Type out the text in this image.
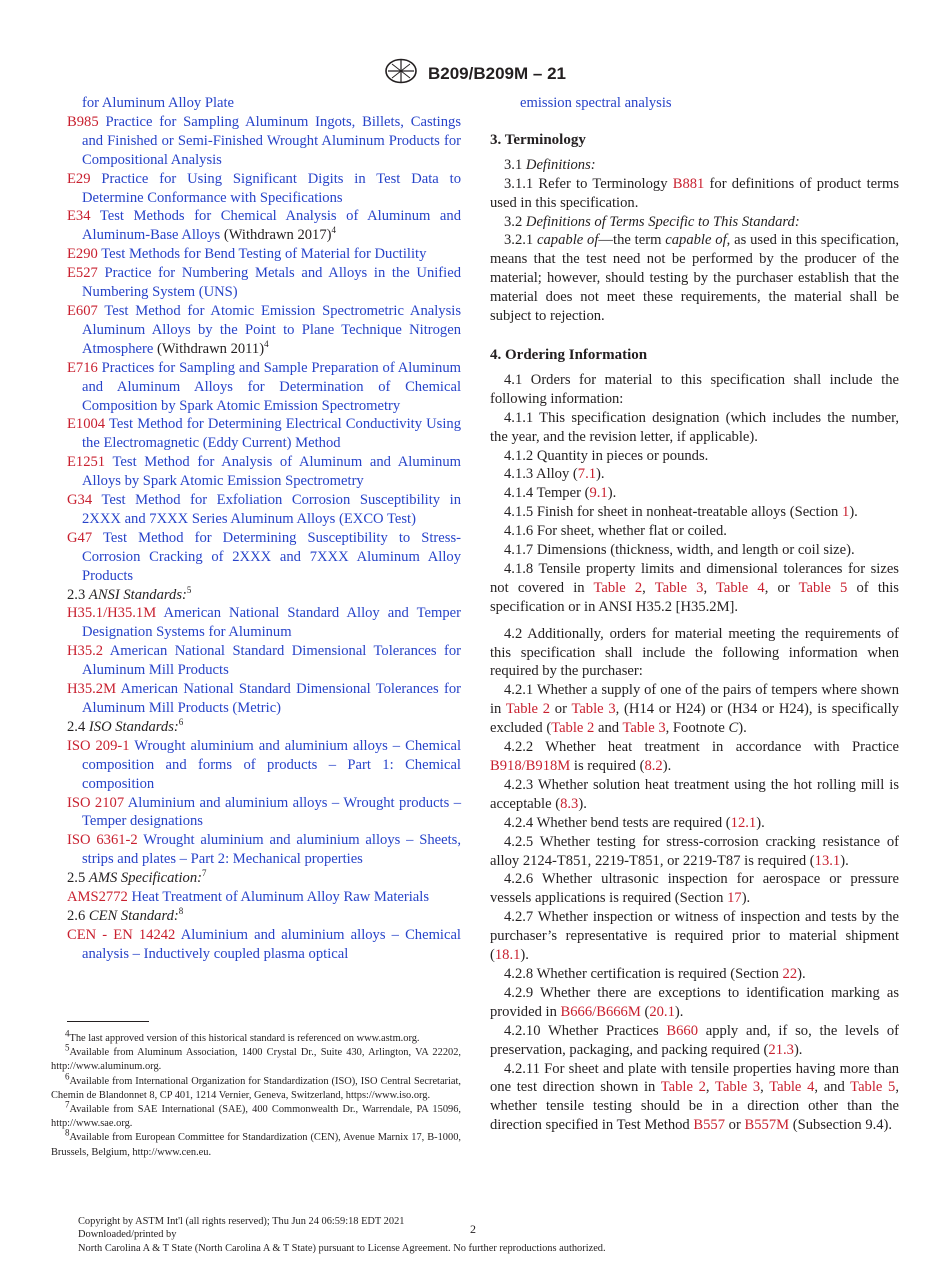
B209/B209M – 21
for Aluminum Alloy Plate
B985 Practice for Sampling Aluminum Ingots, Billets, Castings and Finished or Semi-Finished Wrought Aluminum Products for Compositional Analysis
E29 Practice for Using Significant Digits in Test Data to Determine Conformance with Specifications
E34 Test Methods for Chemical Analysis of Aluminum and Aluminum-Base Alloys (Withdrawn 2017)$^4$
E290 Test Methods for Bend Testing of Material for Ductility
E527 Practice for Numbering Metals and Alloys in the Unified Numbering System (UNS)
E607 Test Method for Atomic Emission Spectrometric Analysis Aluminum Alloys by the Point to Plane Technique Nitrogen Atmosphere (Withdrawn 2011)$^4$
E716 Practices for Sampling and Sample Preparation of Aluminum and Aluminum Alloys for Determination of Chemical Composition by Spark Atomic Emission Spectrometry
E1004 Test Method for Determining Electrical Conductivity Using the Electromagnetic (Eddy Current) Method
E1251 Test Method for Analysis of Aluminum and Aluminum Alloys by Spark Atomic Emission Spectrometry
G34 Test Method for Exfoliation Corrosion Susceptibility in 2XXX and 7XXX Series Aluminum Alloys (EXCO Test)
G47 Test Method for Determining Susceptibility to Stress-Corrosion Cracking of 2XXX and 7XXX Aluminum Alloy Products
2.3 ANSI Standards:$^5$
H35.1/H35.1M American National Standard Alloy and Temper Designation Systems for Aluminum
H35.2 American National Standard Dimensional Tolerances for Aluminum Mill Products
H35.2M American National Standard Dimensional Tolerances for Aluminum Mill Products (Metric)
2.4 ISO Standards:$^6$
ISO 209-1 Wrought aluminium and aluminium alloys – Chemical composition and forms of products – Part 1: Chemical composition
ISO 2107 Aluminium and aluminium alloys – Wrought products – Temper designations
ISO 6361-2 Wrought aluminium and aluminium alloys – Sheets, strips and plates – Part 2: Mechanical properties
2.5 AMS Specification:$^7$
AMS2772 Heat Treatment of Aluminum Alloy Raw Materials
2.6 CEN Standard:$^8$
CEN - EN 14242 Aluminium and aluminium alloys – Chemical analysis – Inductively coupled plasma optical
$^4$The last approved version of this historical standard is referenced on www.astm.org.
$^5$Available from Aluminum Association, 1400 Crystal Dr., Suite 430, Arlington, VA 22202, http://www.aluminum.org.
$^6$Available from International Organization for Standardization (ISO), ISO Central Secretariat, Chemin de Blandonnet 8, CP 401, 1214 Vernier, Geneva, Switzerland, https://www.iso.org.
$^7$Available from SAE International (SAE), 400 Commonwealth Dr., Warrendale, PA 15096, http://www.sae.org.
$^8$Available from European Committee for Standardization (CEN), Avenue Marnix 17, B-1000, Brussels, Belgium, http://www.cen.eu.
emission spectral analysis
3. Terminology
3.1 Definitions:
3.1.1 Refer to Terminology B881 for definitions of product terms used in this specification.
3.2 Definitions of Terms Specific to This Standard:
3.2.1 capable of—the term capable of, as used in this specification, means that the test need not be performed by the producer of the material; however, should testing by the purchaser establish that the material does not meet these requirements, the material shall be subject to rejection.
4. Ordering Information
4.1 Orders for material to this specification shall include the following information:
4.1.1 This specification designation (which includes the number, the year, and the revision letter, if applicable).
4.1.2 Quantity in pieces or pounds.
4.1.3 Alloy (7.1).
4.1.4 Temper (9.1).
4.1.5 Finish for sheet in nonheat-treatable alloys (Section 1).
4.1.6 For sheet, whether flat or coiled.
4.1.7 Dimensions (thickness, width, and length or coil size).
4.1.8 Tensile property limits and dimensional tolerances for sizes not covered in Table 2, Table 3, Table 4, or Table 5 of this specification or in ANSI H35.2 [H35.2M].
4.2 Additionally, orders for material meeting the requirements of this specification shall include the following information when required by the purchaser:
4.2.1 Whether a supply of one of the pairs of tempers where shown in Table 2 or Table 3, (H14 or H24) or (H34 or H24), is specifically excluded (Table 2 and Table 3, Footnote C).
4.2.2 Whether heat treatment in accordance with Practice B918/B918M is required (8.2).
4.2.3 Whether solution heat treatment using the hot rolling mill is acceptable (8.3).
4.2.4 Whether bend tests are required (12.1).
4.2.5 Whether testing for stress-corrosion cracking resistance of alloy 2124-T851, 2219-T851, or 2219-T87 is required (13.1).
4.2.6 Whether ultrasonic inspection for aerospace or pressure vessels applications is required (Section 17).
4.2.7 Whether inspection or witness of inspection and tests by the purchaser’s representative is required prior to material shipment (18.1).
4.2.8 Whether certification is required (Section 22).
4.2.9 Whether there are exceptions to identification marking as provided in B666/B666M (20.1).
4.2.10 Whether Practices B660 apply and, if so, the levels of preservation, packaging, and packing required (21.3).
4.2.11 For sheet and plate with tensile properties having more than one test direction shown in Table 2, Table 3, Table 4, and Table 5, whether tensile testing should be in a direction other than the direction specified in Test Method B557 or B557M (Subsection 9.4).
2
Copyright by ASTM Int'l (all rights reserved); Thu Jun 24 06:59:18 EDT 2021
Downloaded/printed by
North Carolina A & T State (North Carolina A & T State) pursuant to License Agreement. No further reproductions authorized.
